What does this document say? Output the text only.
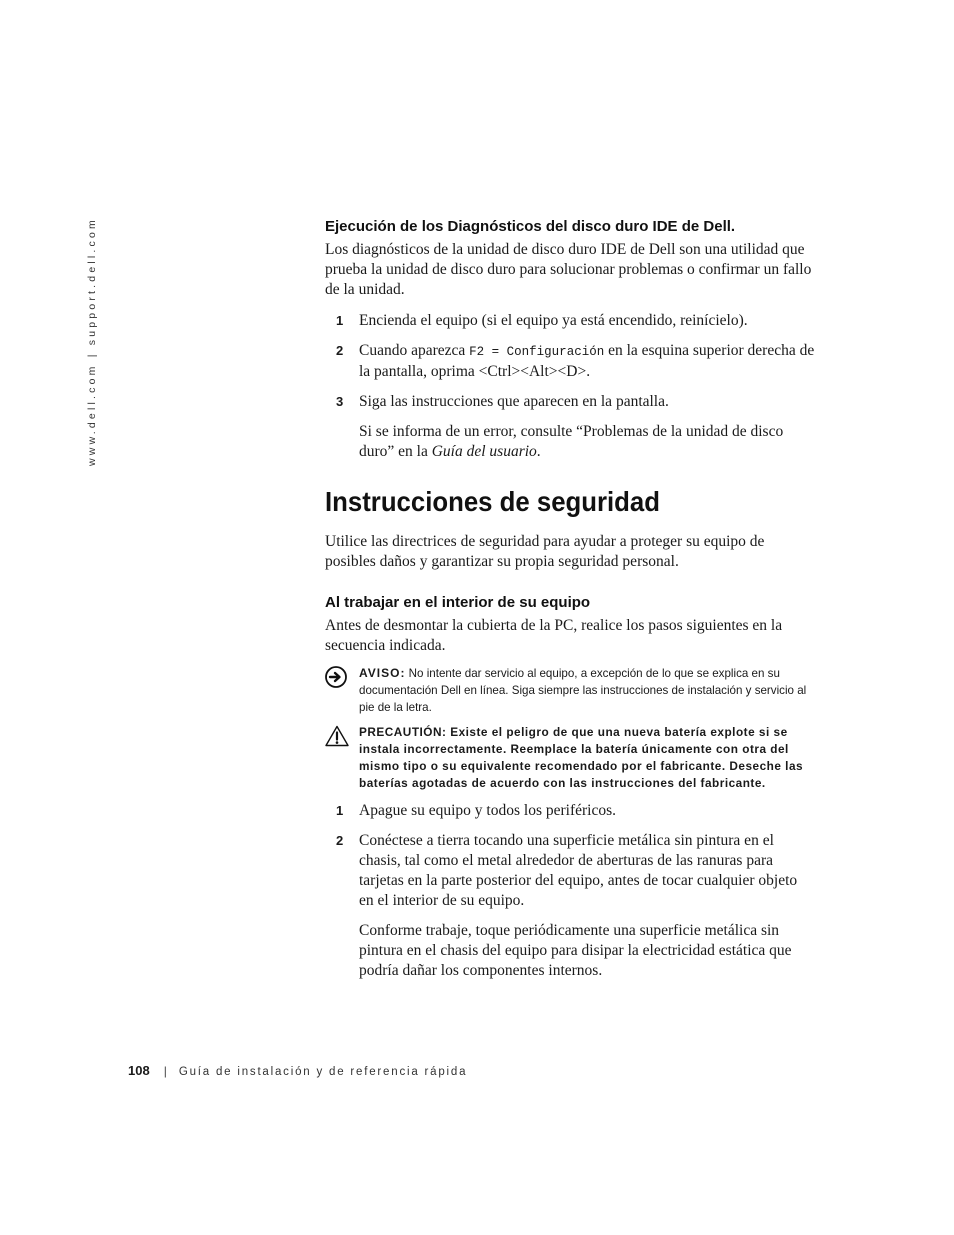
www.dell.com | support.dell.com	Ejecución de los Diagnósticos del disco duro IDE de Dell.

Los diagnósticos de la unidad de disco duro IDE de Dell son una utilidad que prueba la unidad de disco duro para solucionar problemas o confirmar un fallo de la unidad.

1 Encienda el equipo (si el equipo ya está encendido, reinícielo).
2 Cuando aparezca F2 = Configuración en la esquina superior derecha de la pantalla, oprima <Ctrl><Alt><D>.
3 Siga las instrucciones que aparecen en la pantalla.
Si se informa de un error, consulte “Problemas de la unidad de disco duro” en la Guía del usuario.
Instrucciones de seguridad

Utilice las directrices de seguridad para ayudar a proteger su equipo de posibles daños y garantizar su propia seguridad personal.

Al trabajar en el interior de su equipo

Antes de desmontar la cubierta de la PC, realice los pasos siguientes en la secuencia indicada.

AVISO: No intente dar servicio al equipo, a excepción de lo que se explica en su documentación Dell en línea. Siga siempre las instrucciones de instalación y servicio al pie de la letra.
PRECAUTIÓN: Existe el peligro de que una nueva batería explote si se instala incorrectamente. Reemplace la batería únicamente con otra del mismo tipo o su equivalente recomendado por el fabricante. Deseche las baterías agotadas de acuerdo con las instrucciones del fabricante.
1 Apague su equipo y todos los periféricos.
2 Conéctese a tierra tocando una superficie metálica sin pintura en el chasis, tal como el metal alrededor de aberturas de las ranuras para tarjetas en la parte posterior del equipo, antes de tocar cualquier objeto en el interior de su equipo.
Conforme trabaje, toque periódicamente una superficie metálica sin pintura en el chasis del equipo para disipar la electricidad estática que podría dañar los componentes internos.
108 | Guía de instalación y de referencia rápida
